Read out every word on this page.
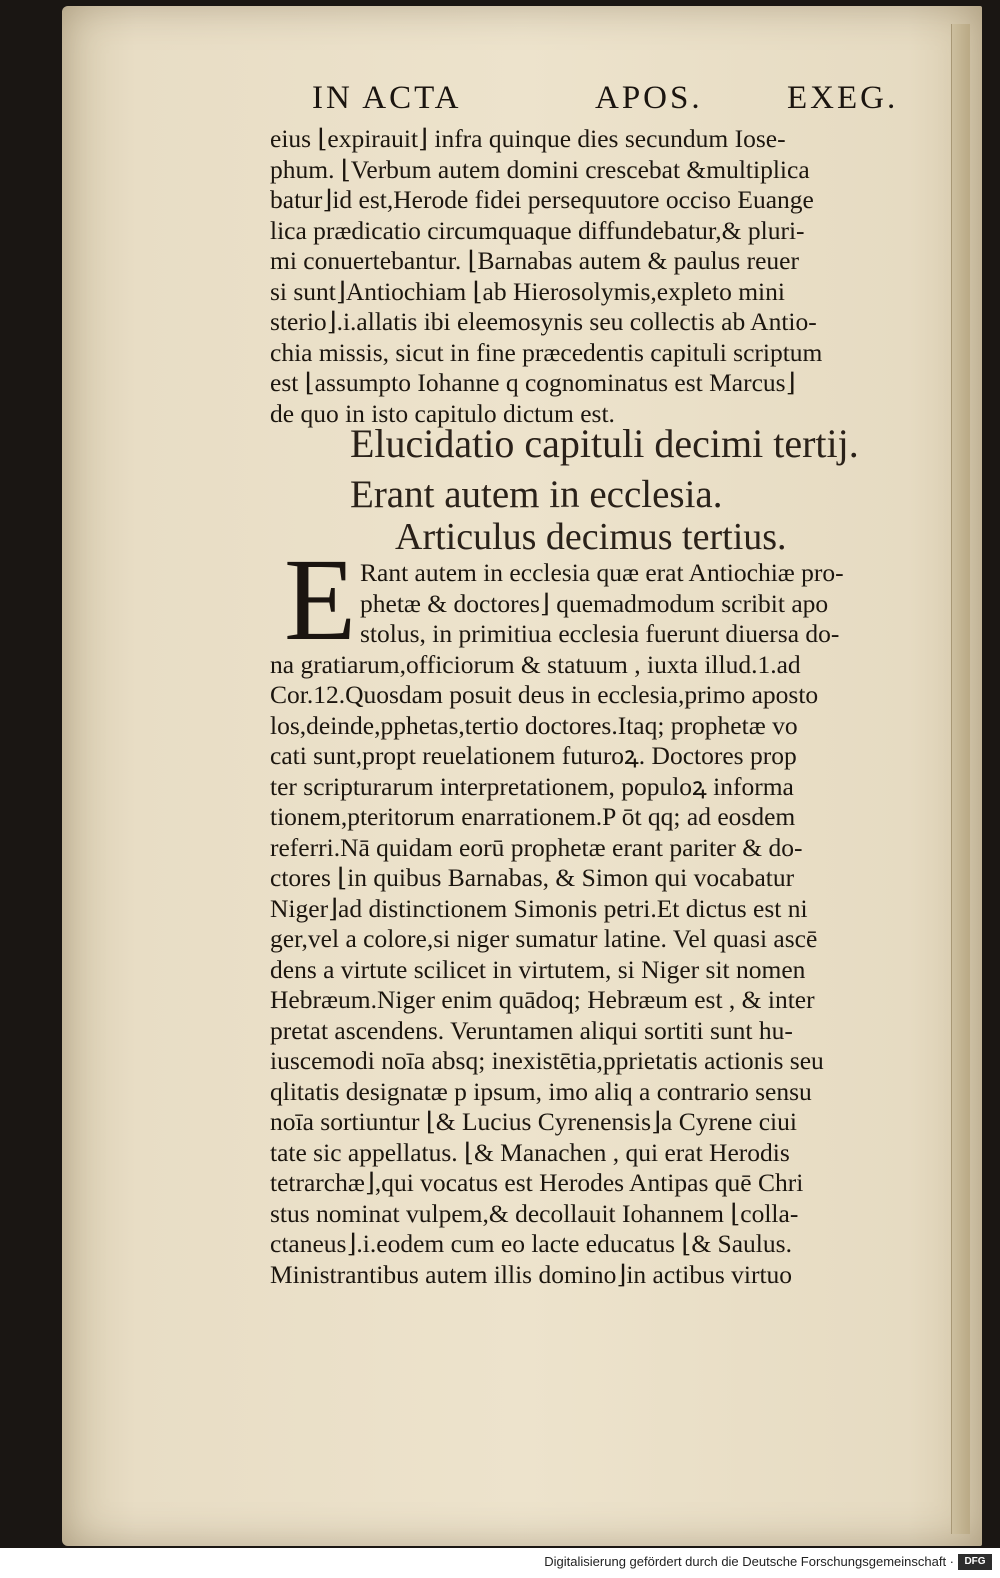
IN ACTA	APOS.	EXEG.
eius ⌊expirauit⌋ infra quinque dies secundum Iose-
phum. ⌊Verbum autem domini crescebat &multiplica
batur⌋id est,Herode fidei persequutore occiso Euange
lica prædicatio circumquaque diffundebatur,& pluri-
mi conuertebantur. ⌊Barnabas autem & paulus reuer
si sunt⌋Antiochiam ⌊ab Hierosolymis,expleto mini
sterio⌋.i.allatis ibi eleemosynis seu collectis ab Antio-
chia missis, sicut in fine præcedentis capituli scriptum
est ⌊assumpto Iohanne q cognominatus est Marcus⌋
de quo in isto capitulo dictum est.
Elucidatio capituli decimi tertij.
Erant autem in ecclesia.
Articulus decimus tertius.
E Rant autem in ecclesia quæ erat Antiochiæ pro-
phetæ & doctores⌋ quemadmodum scribit apo
stolus, in primitiua ecclesia fuerunt diuersa do-
na gratiarum,officiorum & statuum , iuxta illud.1.ad
Cor.12.Quosdam posuit deus in ecclesia,primo aposto
los,deinde,pphetas,tertio doctores.Itaq; prophetæ vo
cati sunt,propt reuelationem futuroꝝ. Doctores prop
ter scripturarum interpretationem, populoꝝ informa
tionem,pteritorum enarrationem.P ōt qq; ad eosdem
referri.Nā quidam eorū prophetæ erant pariter & do-
ctores ⌊in quibus Barnabas, & Simon qui vocabatur
Niger⌋ad distinctionem Simonis petri.Et dictus est ni
ger,vel a colore,si niger sumatur latine. Vel quasi ascē
dens a virtute scilicet in virtutem, si Niger sit nomen
Hebræum.Niger enim quādoq; Hebræum est , & inter
pretat ascendens. Veruntamen aliqui sortiti sunt hu-
iuscemodi noīa absq; inexistētia,pprietatis actionis seu
qlitatis designatæ p ipsum, imo aliq a contrario sensu
noīa sortiuntur ⌊& Lucius Cyrenensis⌋a Cyrene ciui
tate sic appellatus. ⌊& Manachen , qui erat Herodis
tetrarchæ⌋,qui vocatus est Herodes Antipas quē Chri
stus nominat vulpem,& decollauit Iohannem ⌊colla-
ctaneus⌋.i.eodem cum eo lacte educatus ⌊& Saulus.
Ministrantibus autem illis domino⌋in actibus virtuo
Digitalisierung gefördert durch die Deutsche Forschungsgemeinschaft ·	DFG
